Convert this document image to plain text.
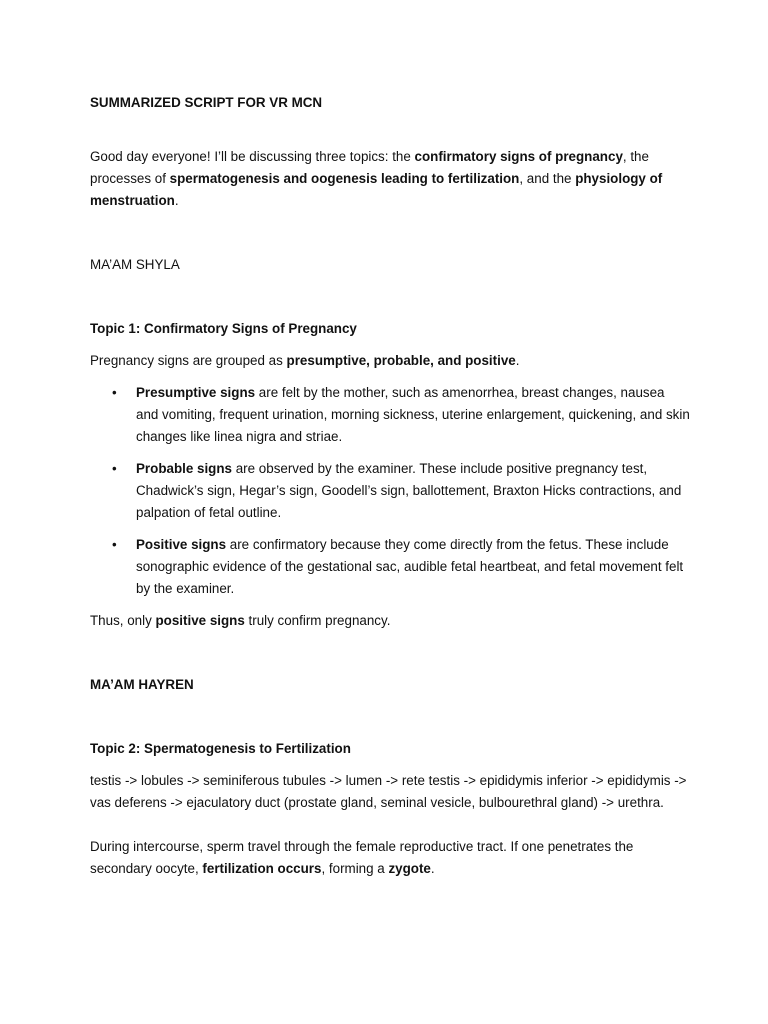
SUMMARIZED SCRIPT FOR VR MCN

Good day everyone! I’ll be discussing three topics: the confirmatory signs of pregnancy, the processes of spermatogenesis and oogenesis leading to fertilization, and the physiology of menstruation.

MA’AM SHYLA

Topic 1: Confirmatory Signs of Pregnancy

Pregnancy signs are grouped as presumptive, probable, and positive.

• Presumptive signs are felt by the mother, such as amenorrhea, breast changes, nausea and vomiting, frequent urination, morning sickness, uterine enlargement, quickening, and skin changes like linea nigra and striae.
• Probable signs are observed by the examiner. These include positive pregnancy test, Chadwick’s sign, Hegar’s sign, Goodell’s sign, ballottement, Braxton Hicks contractions, and palpation of fetal outline.
• Positive signs are confirmatory because they come directly from the fetus. These include sonographic evidence of the gestational sac, audible fetal heartbeat, and fetal movement felt by the examiner.

Thus, only positive signs truly confirm pregnancy.

MA’AM HAYREN

Topic 2: Spermatogenesis to Fertilization

testis -> lobules -> seminiferous tubules -> lumen -> rete testis -> epididymis inferior -> epididymis -> vas deferens -> ejaculatory duct (prostate gland, seminal vesicle, bulbourethral gland) -> urethra.

During intercourse, sperm travel through the female reproductive tract. If one penetrates the secondary oocyte, fertilization occurs, forming a zygote.
